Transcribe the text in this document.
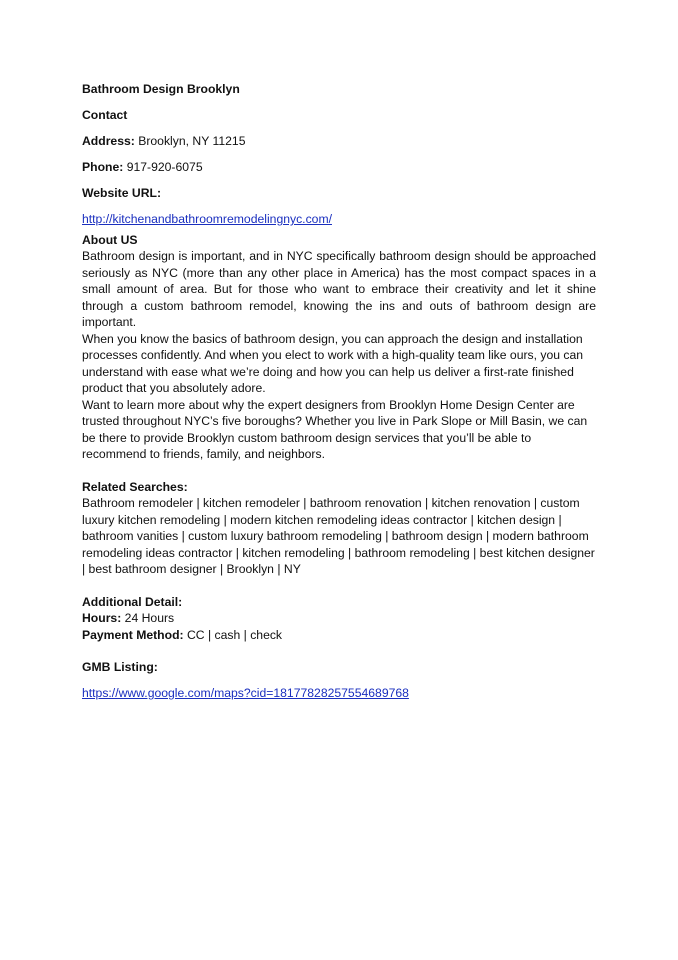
Bathroom Design Brooklyn

Contact

Address: Brooklyn, NY 11215

Phone: 917-920-6075

Website URL:

http://kitchenandbathroomremodelingnyc.com/

About US

Bathroom design is important, and in NYC specifically bathroom design should be approached seriously as NYC (more than any other place in America) has the most compact spaces in a small amount of area. But for those who want to embrace their creativity and let it shine through a custom bathroom remodel, knowing the ins and outs of bathroom design are important.

When you know the basics of bathroom design, you can approach the design and installation processes confidently. And when you elect to work with a high-quality team like ours, you can understand with ease what we’re doing and how you can help us deliver a first-rate finished product that you absolutely adore.

Want to learn more about why the expert designers from Brooklyn Home Design Center are trusted throughout NYC’s five boroughs? Whether you live in Park Slope or Mill Basin, we can be there to provide Brooklyn custom bathroom design services that you’ll be able to recommend to friends, family, and neighbors.

Related Searches:

Bathroom remodeler | kitchen remodeler | bathroom renovation | kitchen renovation | custom luxury kitchen remodeling | modern kitchen remodeling ideas contractor | kitchen design | bathroom vanities | custom luxury bathroom remodeling | bathroom design | modern bathroom remodeling ideas contractor | kitchen remodeling | bathroom remodeling | best kitchen designer | best bathroom designer | Brooklyn | NY

Additional Detail:

Hours: 24 Hours

Payment Method: CC | cash | check

GMB Listing:

https://www.google.com/maps?cid=18177828257554689768
